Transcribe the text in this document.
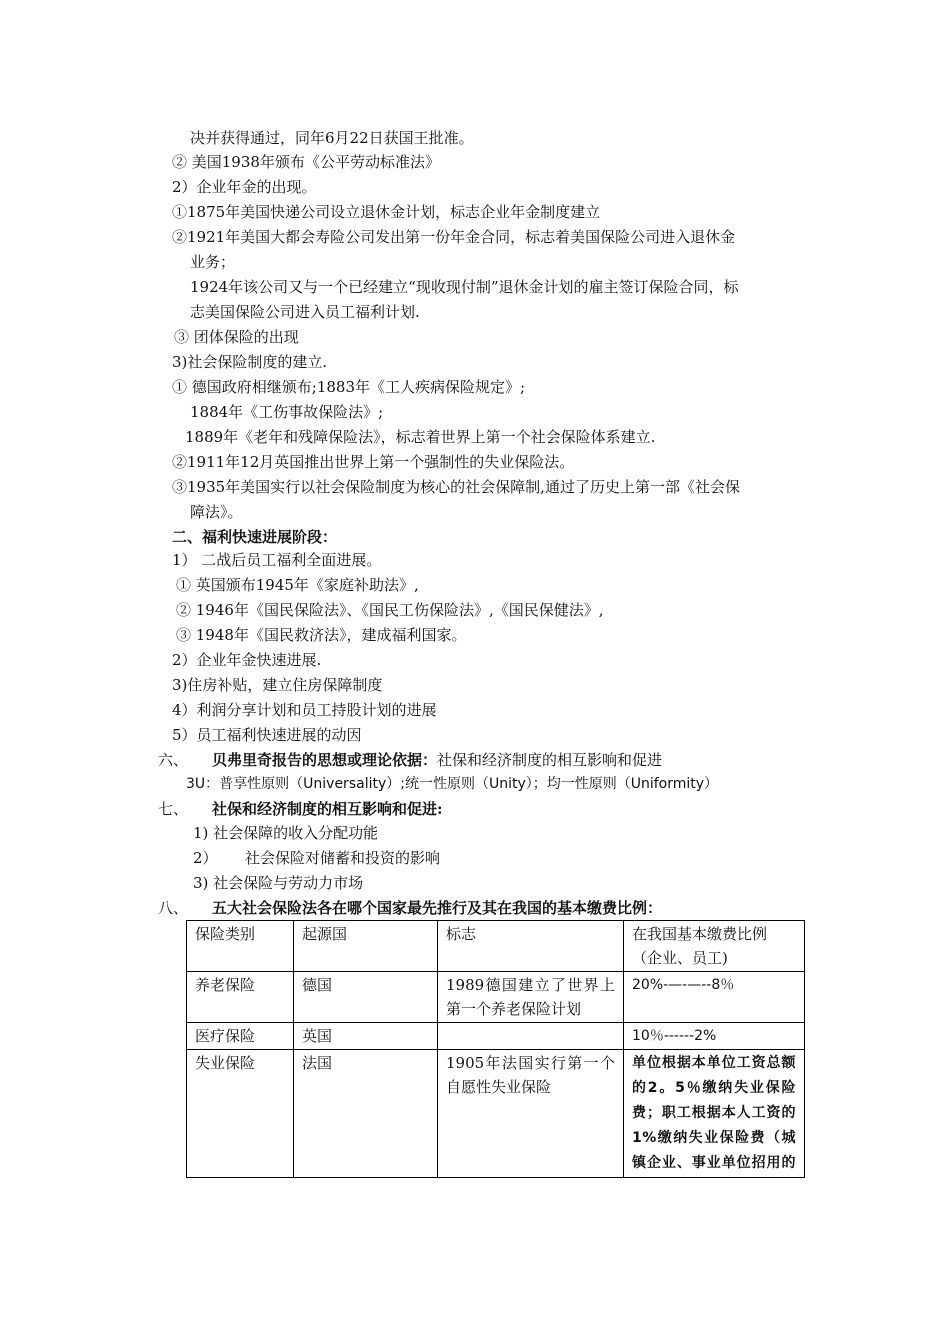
决并获得通过，同年6月22日获国王批准。
② 美国1938年颁布《公平劳动标准法》
2）企业年金的出现。
①1875年美国快递公司设立退休金计划，标志企业年金制度建立
②1921年美国大都会寿险公司发出第一份年金合同，标志着美国保险公司进入退休金
业务；
1924年该公司又与一个已经建立“现收现付制”退休金计划的雇主签订保险合同，标
志美国保险公司进入员工福利计划.
③ 团体保险的出现
3)社会保险制度的建立.
① 德国政府相继颁布;1883年《工人疾病保险规定》;
1884年《工伤事故保险法》;
1889年《老年和残障保险法》，标志着世界上第一个社会保险体系建立.
②1911年12月英国推出世界上第一个强制性的失业保险法。
③1935年美国实行以社会保险制度为核心的社会保障制,通过了历史上第一部《社会保
障法》。
二、福利快速进展阶段：
1） 二战后员工福利全面进展。
① 英国颁布1945年《家庭补助法》,
② 1946年《国民保险法》、《国民工伤保险法》,《国民保健法》,
③ 1948年《国民救济法》，建成福利国家。
2）企业年金快速进展.
3)住房补贴，建立住房保障制度
4）利润分享计划和员工持股计划的进展
5）员工福利快速进展的动因
六、 贝弗里奇报告的思想或理论依据：社保和经济制度的相互影响和促进
3U：普享性原则（Universality）;统一性原则（Unity）；均一性原则（Uniformity）
七、 社保和经济制度的相互影响和促进:
1) 社会保障的收入分配功能
2） 社会保险对储蓄和投资的影响
3) 社会保险与劳动力市场
八、 五大社会保险法各在哪个国家最先推行及其在我国的基本缴费比例：
保险类别	起源国	标志	在我国基本缴费比例（企业、员工)
养老保险	德国	1989德国建立了世界上第一个养老保险计划	20%-—-—--8％
医疗保险	英国		10％------2%
失业保险	法国	1905年法国实行第一个自愿性失业保险	单位根据本单位工资总额的2。5％缴纳失业保险费；职工根据本人工资的1%缴纳失业保险费（城镇企业、事业单位招用的
